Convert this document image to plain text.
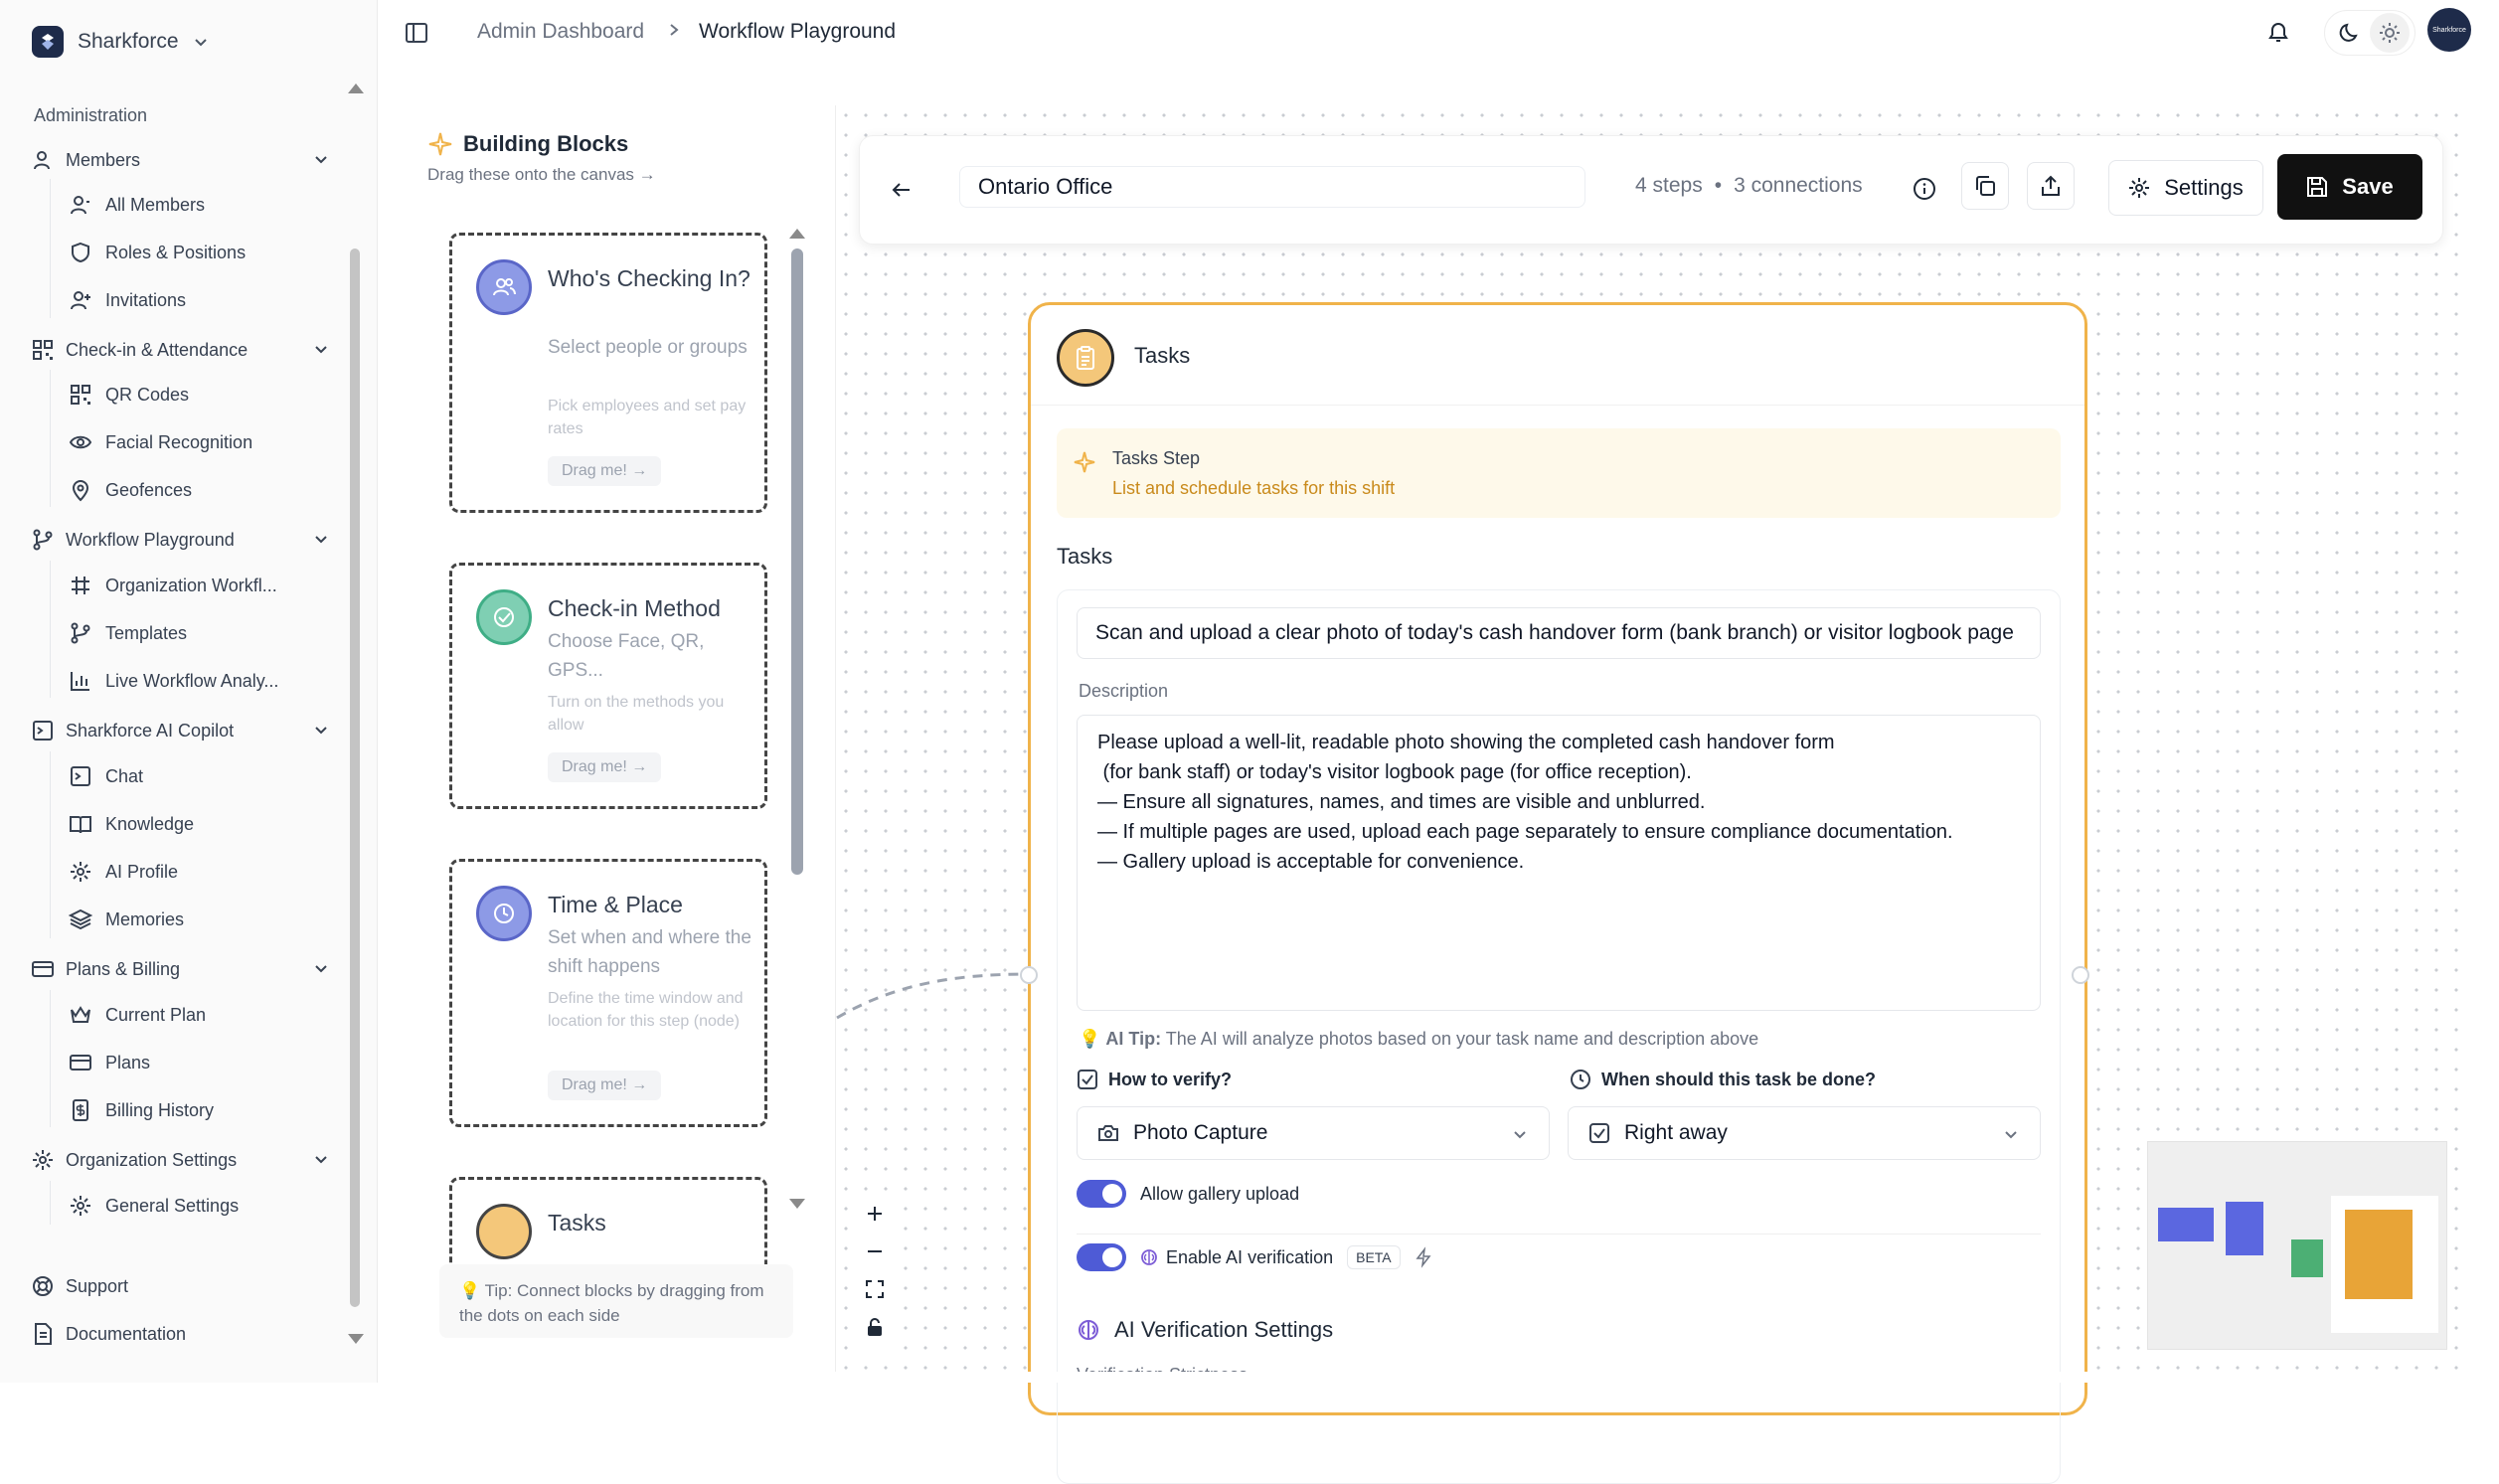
Sharkforce
Administration
Members
All Members
Roles & Positions
Invitations
Check-in & Attendance
QR Codes
Facial Recognition
Geofences
Workflow Playground
Organization Workfl...
Templates
Live Workflow Analy...
Sharkforce AI Copilot
Chat
Knowledge
AI Profile
Memories
Plans & Billing
Current Plan
Plans
Billing History
Organization Settings
General Settings
Support
Documentation
Admin Dashboard	Workflow Playground	Sharkforce
Building Blocks
Drag these onto the canvas →
Who's Checking In?
Select people or groups
Pick employees and set pay rates
Drag me! →
Check-in Method
Choose Face, QR, GPS...
Turn on the methods you allow
Drag me! →
Time & Place
Set when and where the shift happens
Define the time window and location for this step (node)
Drag me! →
Tasks
💡 Tip: Connect blocks by dragging from the dots on each side
Ontario Office	4 steps • 3 connections	Settings	Save
Tasks
Tasks Step
List and schedule tasks for this shift
Tasks
Scan and upload a clear photo of today's cash handover form (bank branch) or visitor logbook page
Description
Please upload a well-lit, readable photo showing the completed cash handover form
(for bank staff) or today's visitor logbook page (for office reception).
— Ensure all signatures, names, and times are visible and unblurred.
— If multiple pages are used, upload each page separately to ensure compliance documentation.
— Gallery upload is acceptable for convenience.
💡 AI Tip: The AI will analyze photos based on your task name and description above
How to verify?	When should this task be done?
Photo Capture	Right away
Allow gallery upload
Enable AI verification	BETA
AI Verification Settings
